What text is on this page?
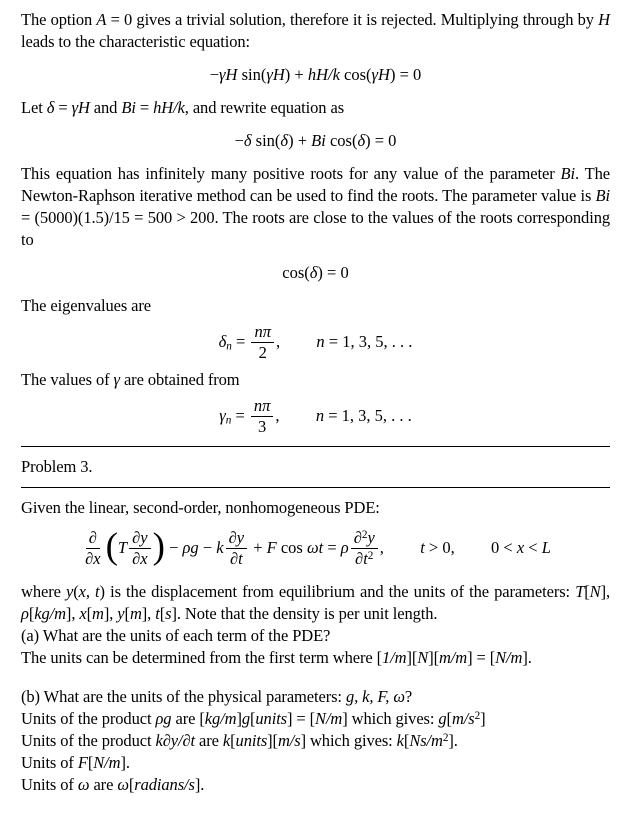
The option A = 0 gives a trivial solution, therefore it is rejected. Multiplying through by H leads to the characteristic equation:

−γH sin(γH) + hH/k cos(γH) = 0

Let δ = γH and Bi = hH/k, and rewrite equation as

−δ sin(δ) + Bi cos(δ) = 0

This equation has infinitely many positive roots for any value of the parameter Bi. The Newton-Raphson iterative method can be used to find the roots. The parameter value is Bi = (5000)(1.5)/15 = 500 > 200. The roots are close to the values of the roots corresponding to

cos(δ) = 0

The eigenvalues are

$\delta n = \frac{n\pi}{2}$ , n = 1, 3, 5, . . .

The values of γ are obtained from

$\gamma n = \frac{n\pi}{3}$ , n = 1, 3, 5, . . .

Problem 3.

Given the linear, second-order, nonhomogeneous PDE:

$\frac{\partial}{\partial x} (T \frac{\partial y}{\partial x}$ ) − ρg − k $\frac{\partial y}{\partial t} + F$ cos ωt = ρ $\frac{\partial^2y}{\partial t^2}$ , t > 0, 0 < x < L

where y(x, t) is the displacement from equilibrium and the units of the parameters: T[N], ρ[kg/m], x[m], y[m], t[s]. Note that the density is per unit length.

(a) What are the units of each term of the PDE?

The units can be determined from the first term where [1/m][N][m/m] = [N/m].

(b) What are the units of the physical parameters: g, k, F, ω?

Units of the product ρg are [kg/m]g[units] = [N/m] which gives: $g[m/s^2]$

Units of the product k∂y/∂t are k[units][m/s] which gives: $k[Ns/m^2]$.

Units of F[N/m].

Units of ω are ω[radians/s].
